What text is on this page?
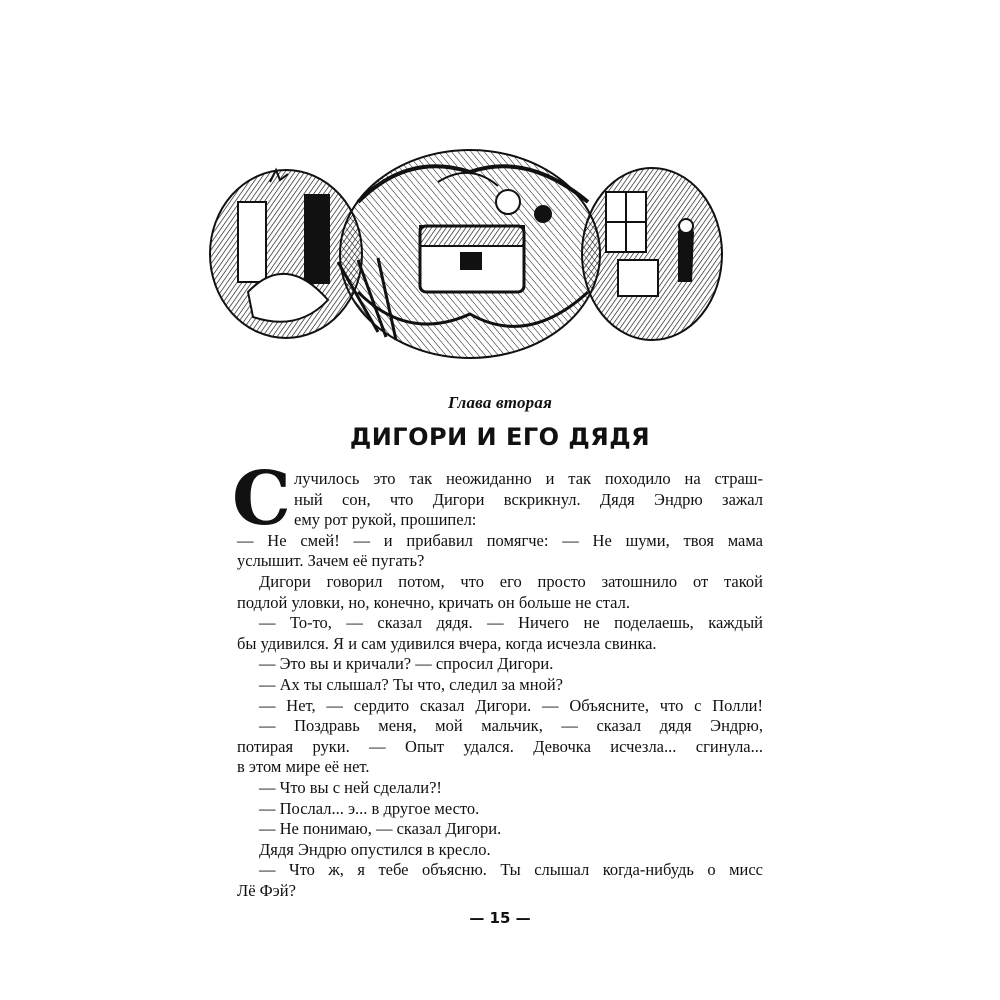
Глава вторая
ДИГОРИ И ЕГО ДЯДЯ
С лучилось это так неожиданно и так походило на страш-
ный сон, что Дигори вскрикнул. Дядя Эндрю зажал
ему рот рукой, прошипел:
— Не смей! — и прибавил помягче: — Не шуми, твоя мама
услышит. Зачем её пугать?
Дигори говорил потом, что его просто затошнило от такой
подлой уловки, но, конечно, кричать он больше не стал.
— То-то, — сказал дядя. — Ничего не поделаешь, каждый
бы удивился. Я и сам удивился вчера, когда исчезла свинка.
— Это вы и кричали? — спросил Дигори.
— Ах ты слышал? Ты что, следил за мной?
— Нет, — сердито сказал Дигори. — Объясните, что с Полли!
— Поздравь меня, мой мальчик, — сказал дядя Эндрю,
потирая руки. — Опыт удался. Девочка исчезла... сгинула...
в этом мире её нет.
— Что вы с ней сделали?!
— Послал... э... в другое место.
— Не понимаю, — сказал Дигори.
Дядя Эндрю опустился в кресло.
— Что ж, я тебе объясню. Ты слышал когда-нибудь о мисс
Лё Фэй?
— 15 —
